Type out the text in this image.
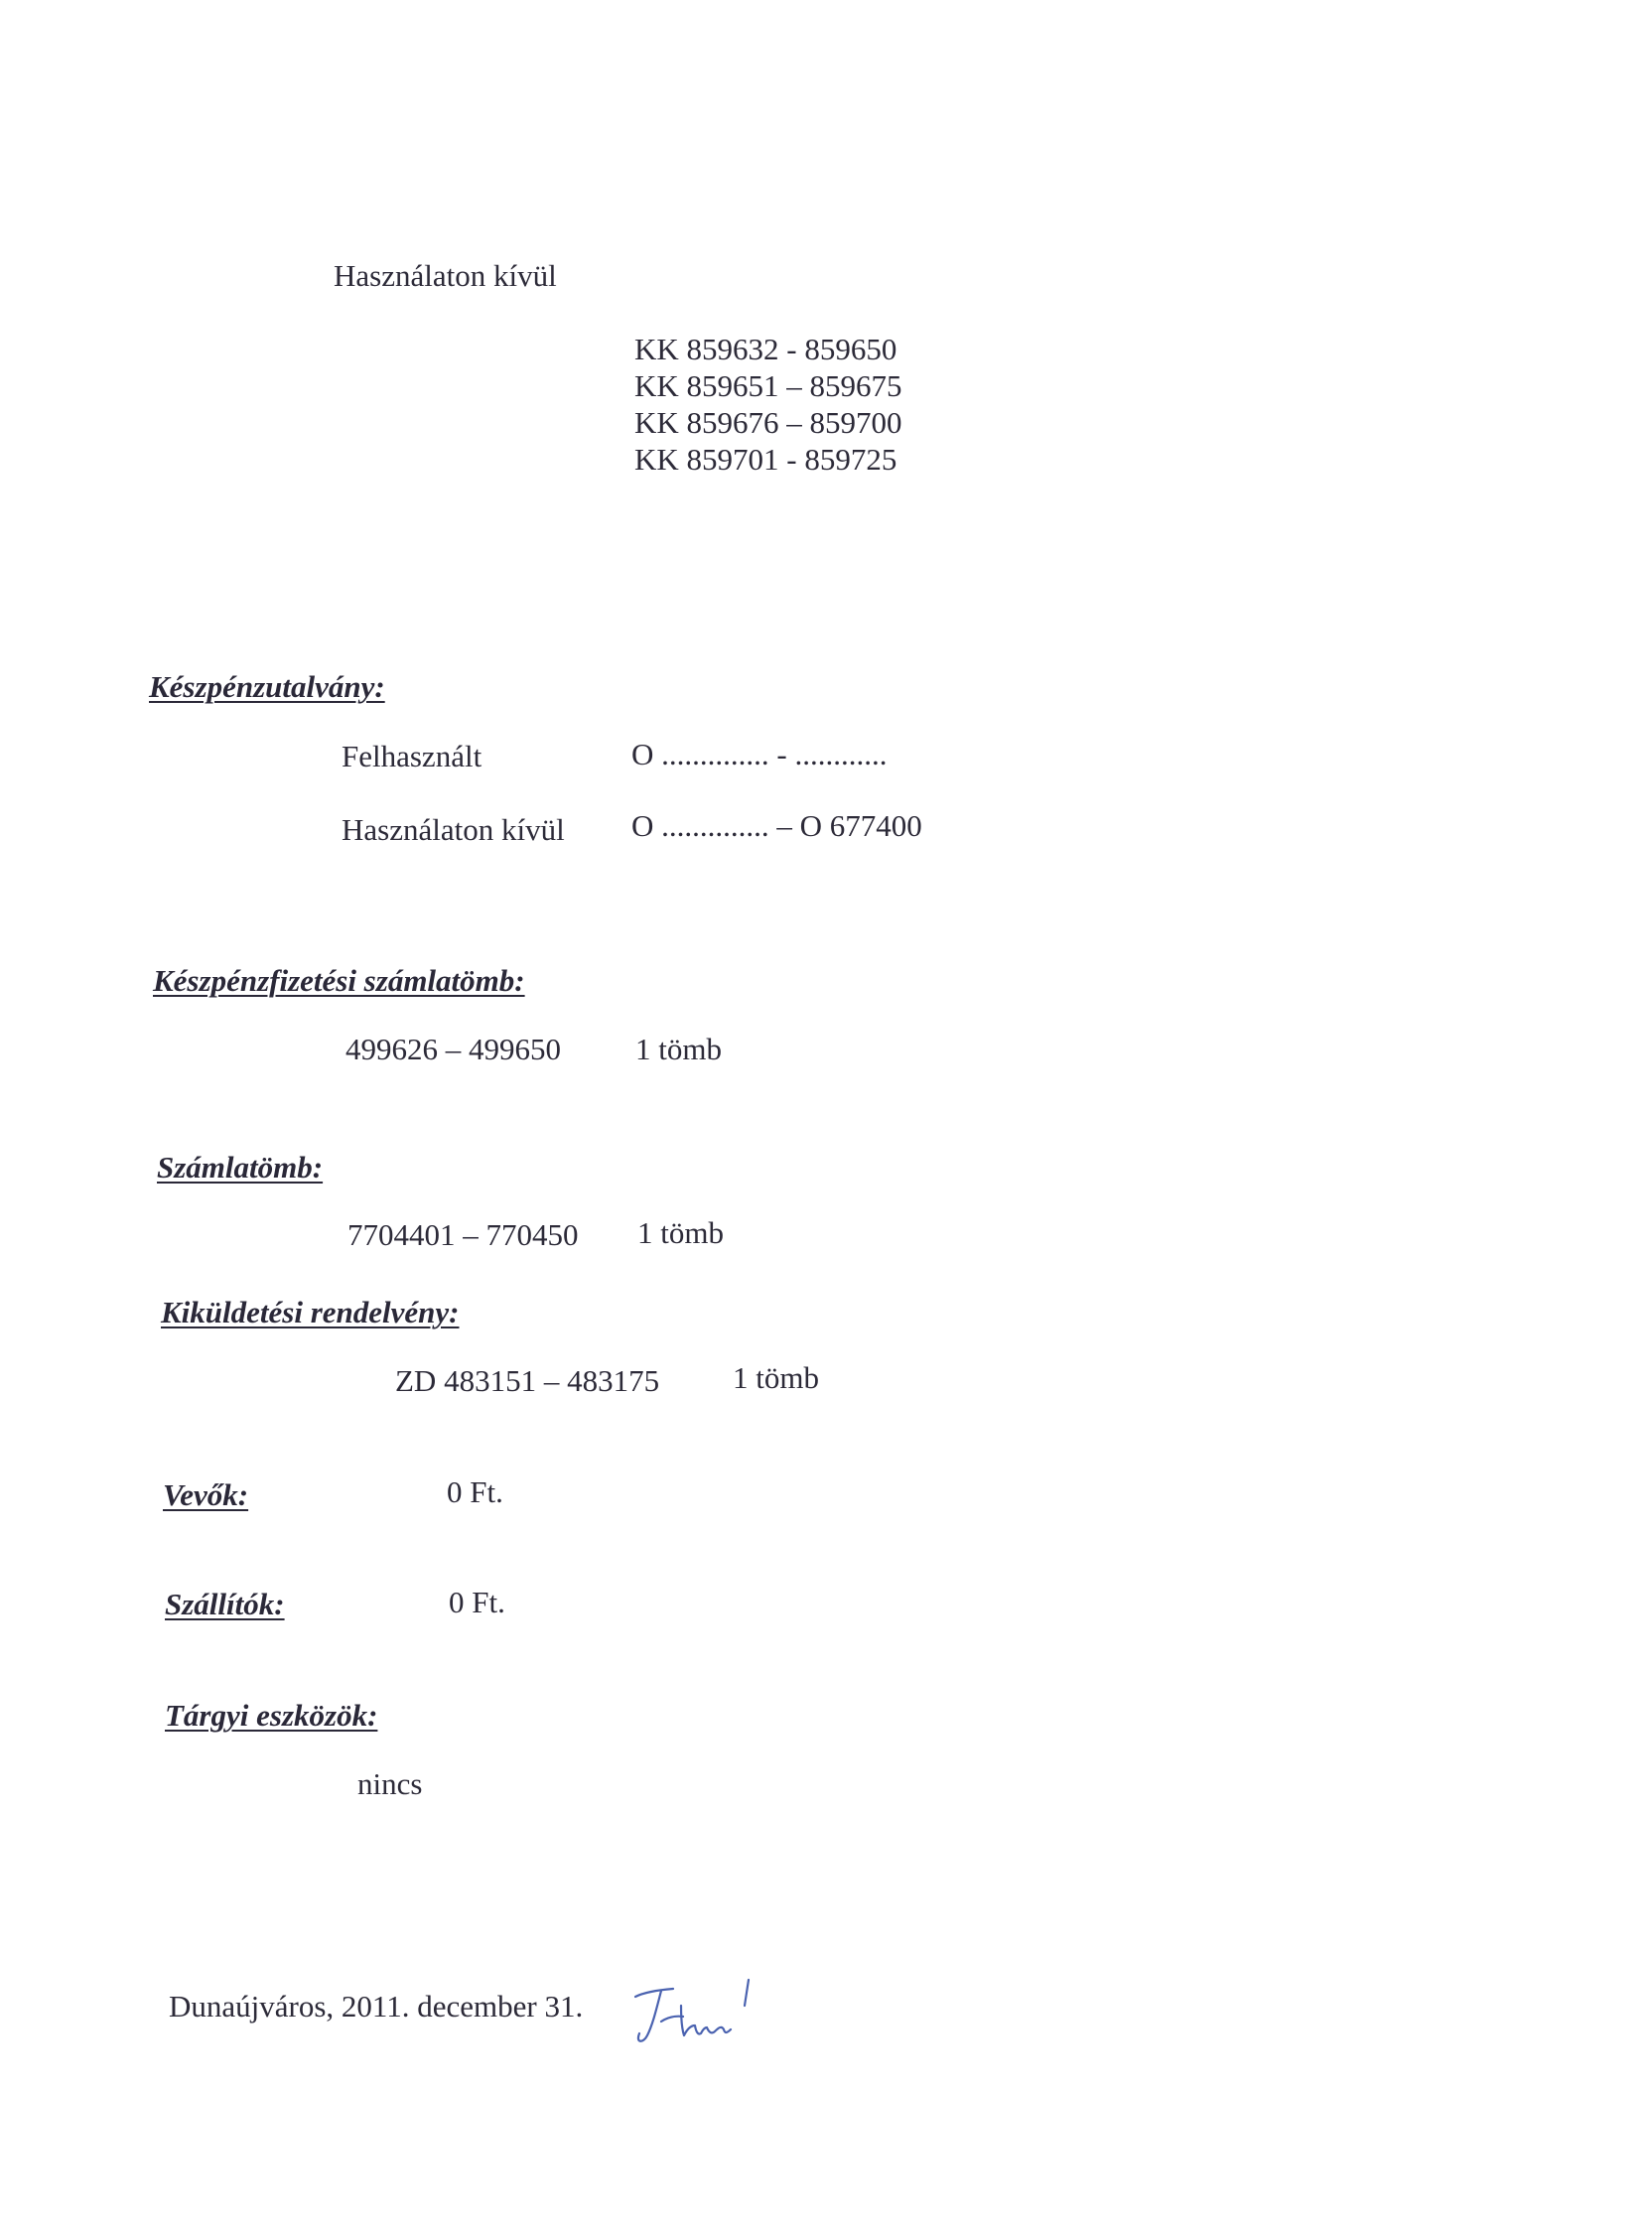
Használaton kívül
KK 859632 - 859650
KK 859651 – 859675
KK 859676 – 859700
KK 859701 - 859725
Készpénzutalvány:
Felhasznált	O .............. - ............
Használaton kívül O .............. – O 677400
Készpénzfizetési számlatömb:
499626 – 499650 1 tömb
Számlatömb:
7704401 – 770450 1 tömb
Kiküldetési rendelvény:
ZD 483151 – 483175 1 tömb
Vevők:	0 Ft.
Szállítók:	0 Ft.
Tárgyi eszközök:
nincs
Dunaújváros, 2011. december 31.
